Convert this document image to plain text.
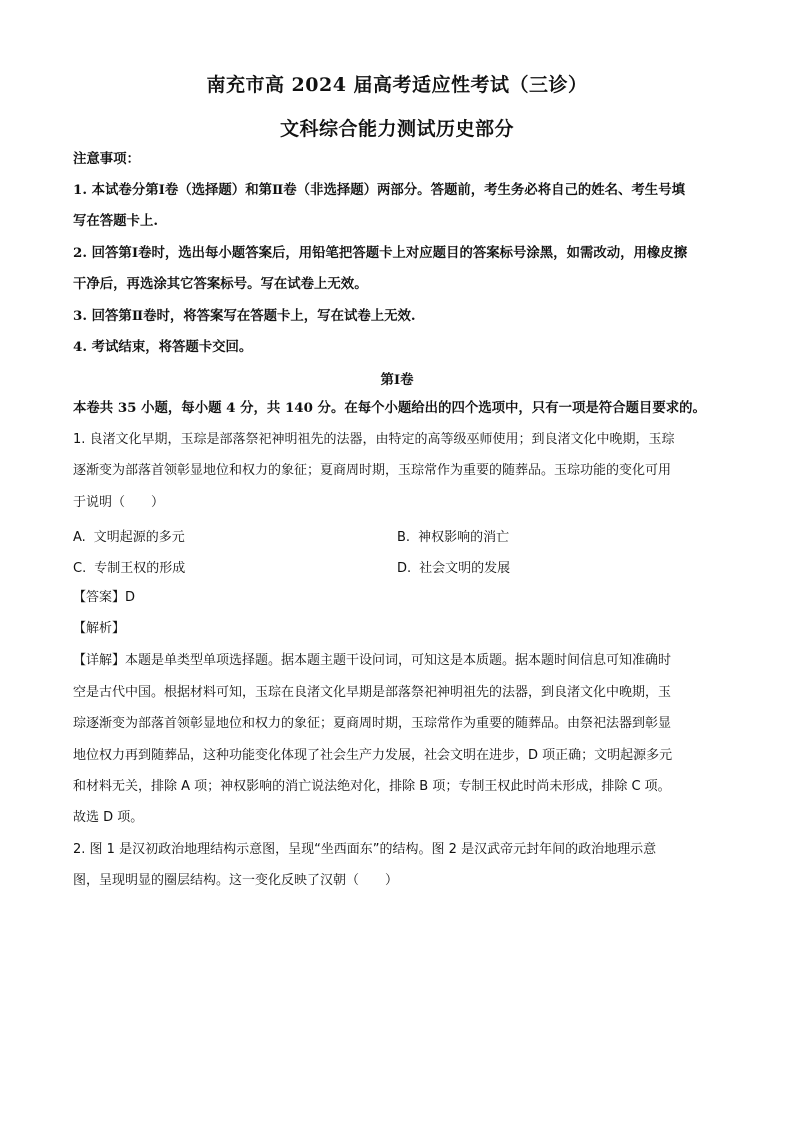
南充市高 2024 届高考适应性考试（三诊）
文科综合能力测试历史部分
注意事项：
1. 本试卷分第Ⅰ卷（选择题）和第Ⅱ卷（非选择题）两部分。答题前，考生务必将自己的姓名、考生号填
写在答题卡上.
2. 回答第Ⅰ卷时，选出每小题答案后，用铅笔把答题卡上对应题目的答案标号涂黑，如需改动，用橡皮擦
干净后，再选涂其它答案标号。写在试卷上无效。
3. 回答第Ⅱ卷时，将答案写在答题卡上，写在试卷上无效.
4. 考试结束，将答题卡交回。
第Ⅰ卷
本卷共 35 小题，每小题 4 分，共 140 分。在每个小题给出的四个选项中，只有一项是符合题目要求的。
1. 良渚文化早期，玉琮是部落祭祀神明祖先的法器，由特定的高等级巫师使用；到良渚文化中晚期，玉琮
逐渐变为部落首领彰显地位和权力的象征；夏商周时期，玉琮常作为重要的随葬品。玉琮功能的变化可用
于说明（　　）
A. 文明起源的多元	B. 神权影响的消亡
C. 专制王权的形成	D. 社会文明的发展
【答案】D
【解析】
【详解】本题是单类型单项选择题。据本题主题干设问词，可知这是本质题。据本题时间信息可知准确时
空是古代中国。根据材料可知，玉琮在良渚文化早期是部落祭祀神明祖先的法器，到良渚文化中晚期，玉
琮逐渐变为部落首领彰显地位和权力的象征；夏商周时期，玉琮常作为重要的随葬品。由祭祀法器到彰显
地位权力再到随葬品，这种功能变化体现了社会生产力发展，社会文明在进步，D 项正确；文明起源多元
和材料无关，排除 A 项；神权影响的消亡说法绝对化，排除 B 项；专制王权此时尚未形成，排除 C 项。
故选 D 项。
2. 图 1 是汉初政治地理结构示意图，呈现“坐西面东”的结构。图 2 是汉武帝元封年间的政治地理示意
图，呈现明显的圈层结构。这一变化反映了汉朝（　　）
